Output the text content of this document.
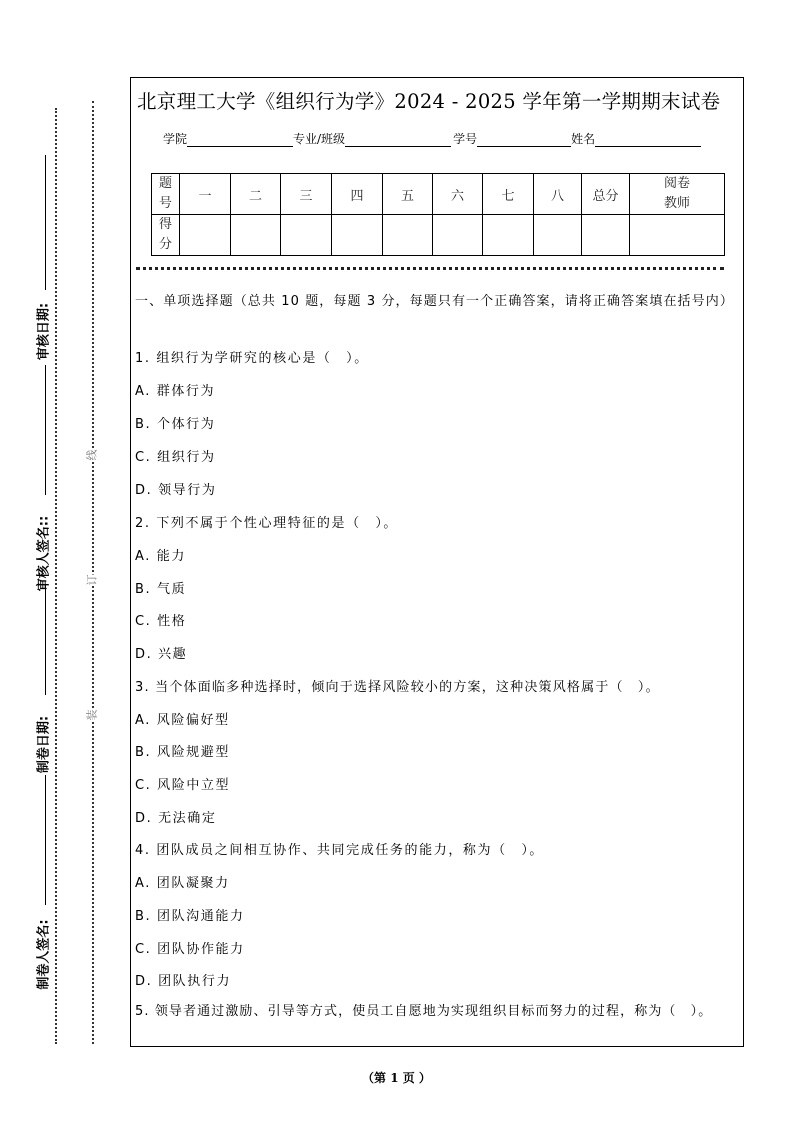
审核日期:
审核人签名::
制卷日期:
制卷人签名:
线
订
装
北京理工大学《组织行为学》2024 - 2025 学年第一学期期末试卷
学院	专业/班级	学号	姓名
题号	一	二	三	四	五	六	七	八	总分	阅卷教师
得分										
一、单项选择题（总共 10 题，每题 3 分，每题只有一个正确答案，请将正确答案填在括号内）
1. 组织行为学研究的核心是（　）。
A. 群体行为
B. 个体行为
C. 组织行为
D. 领导行为
2. 下列不属于个性心理特征的是（　）。
A. 能力
B. 气质
C. 性格
D. 兴趣
3. 当个体面临多种选择时，倾向于选择风险较小的方案，这种决策风格属于（　）。
A. 风险偏好型
B. 风险规避型
C. 风险中立型
D. 无法确定
4. 团队成员之间相互协作、共同完成任务的能力，称为（　）。
A. 团队凝聚力
B. 团队沟通能力
C. 团队协作能力
D. 团队执行力
5. 领导者通过激励、引导等方式，使员工自愿地为实现组织目标而努力的过程，称为（　）。
（第 1 页 ）
